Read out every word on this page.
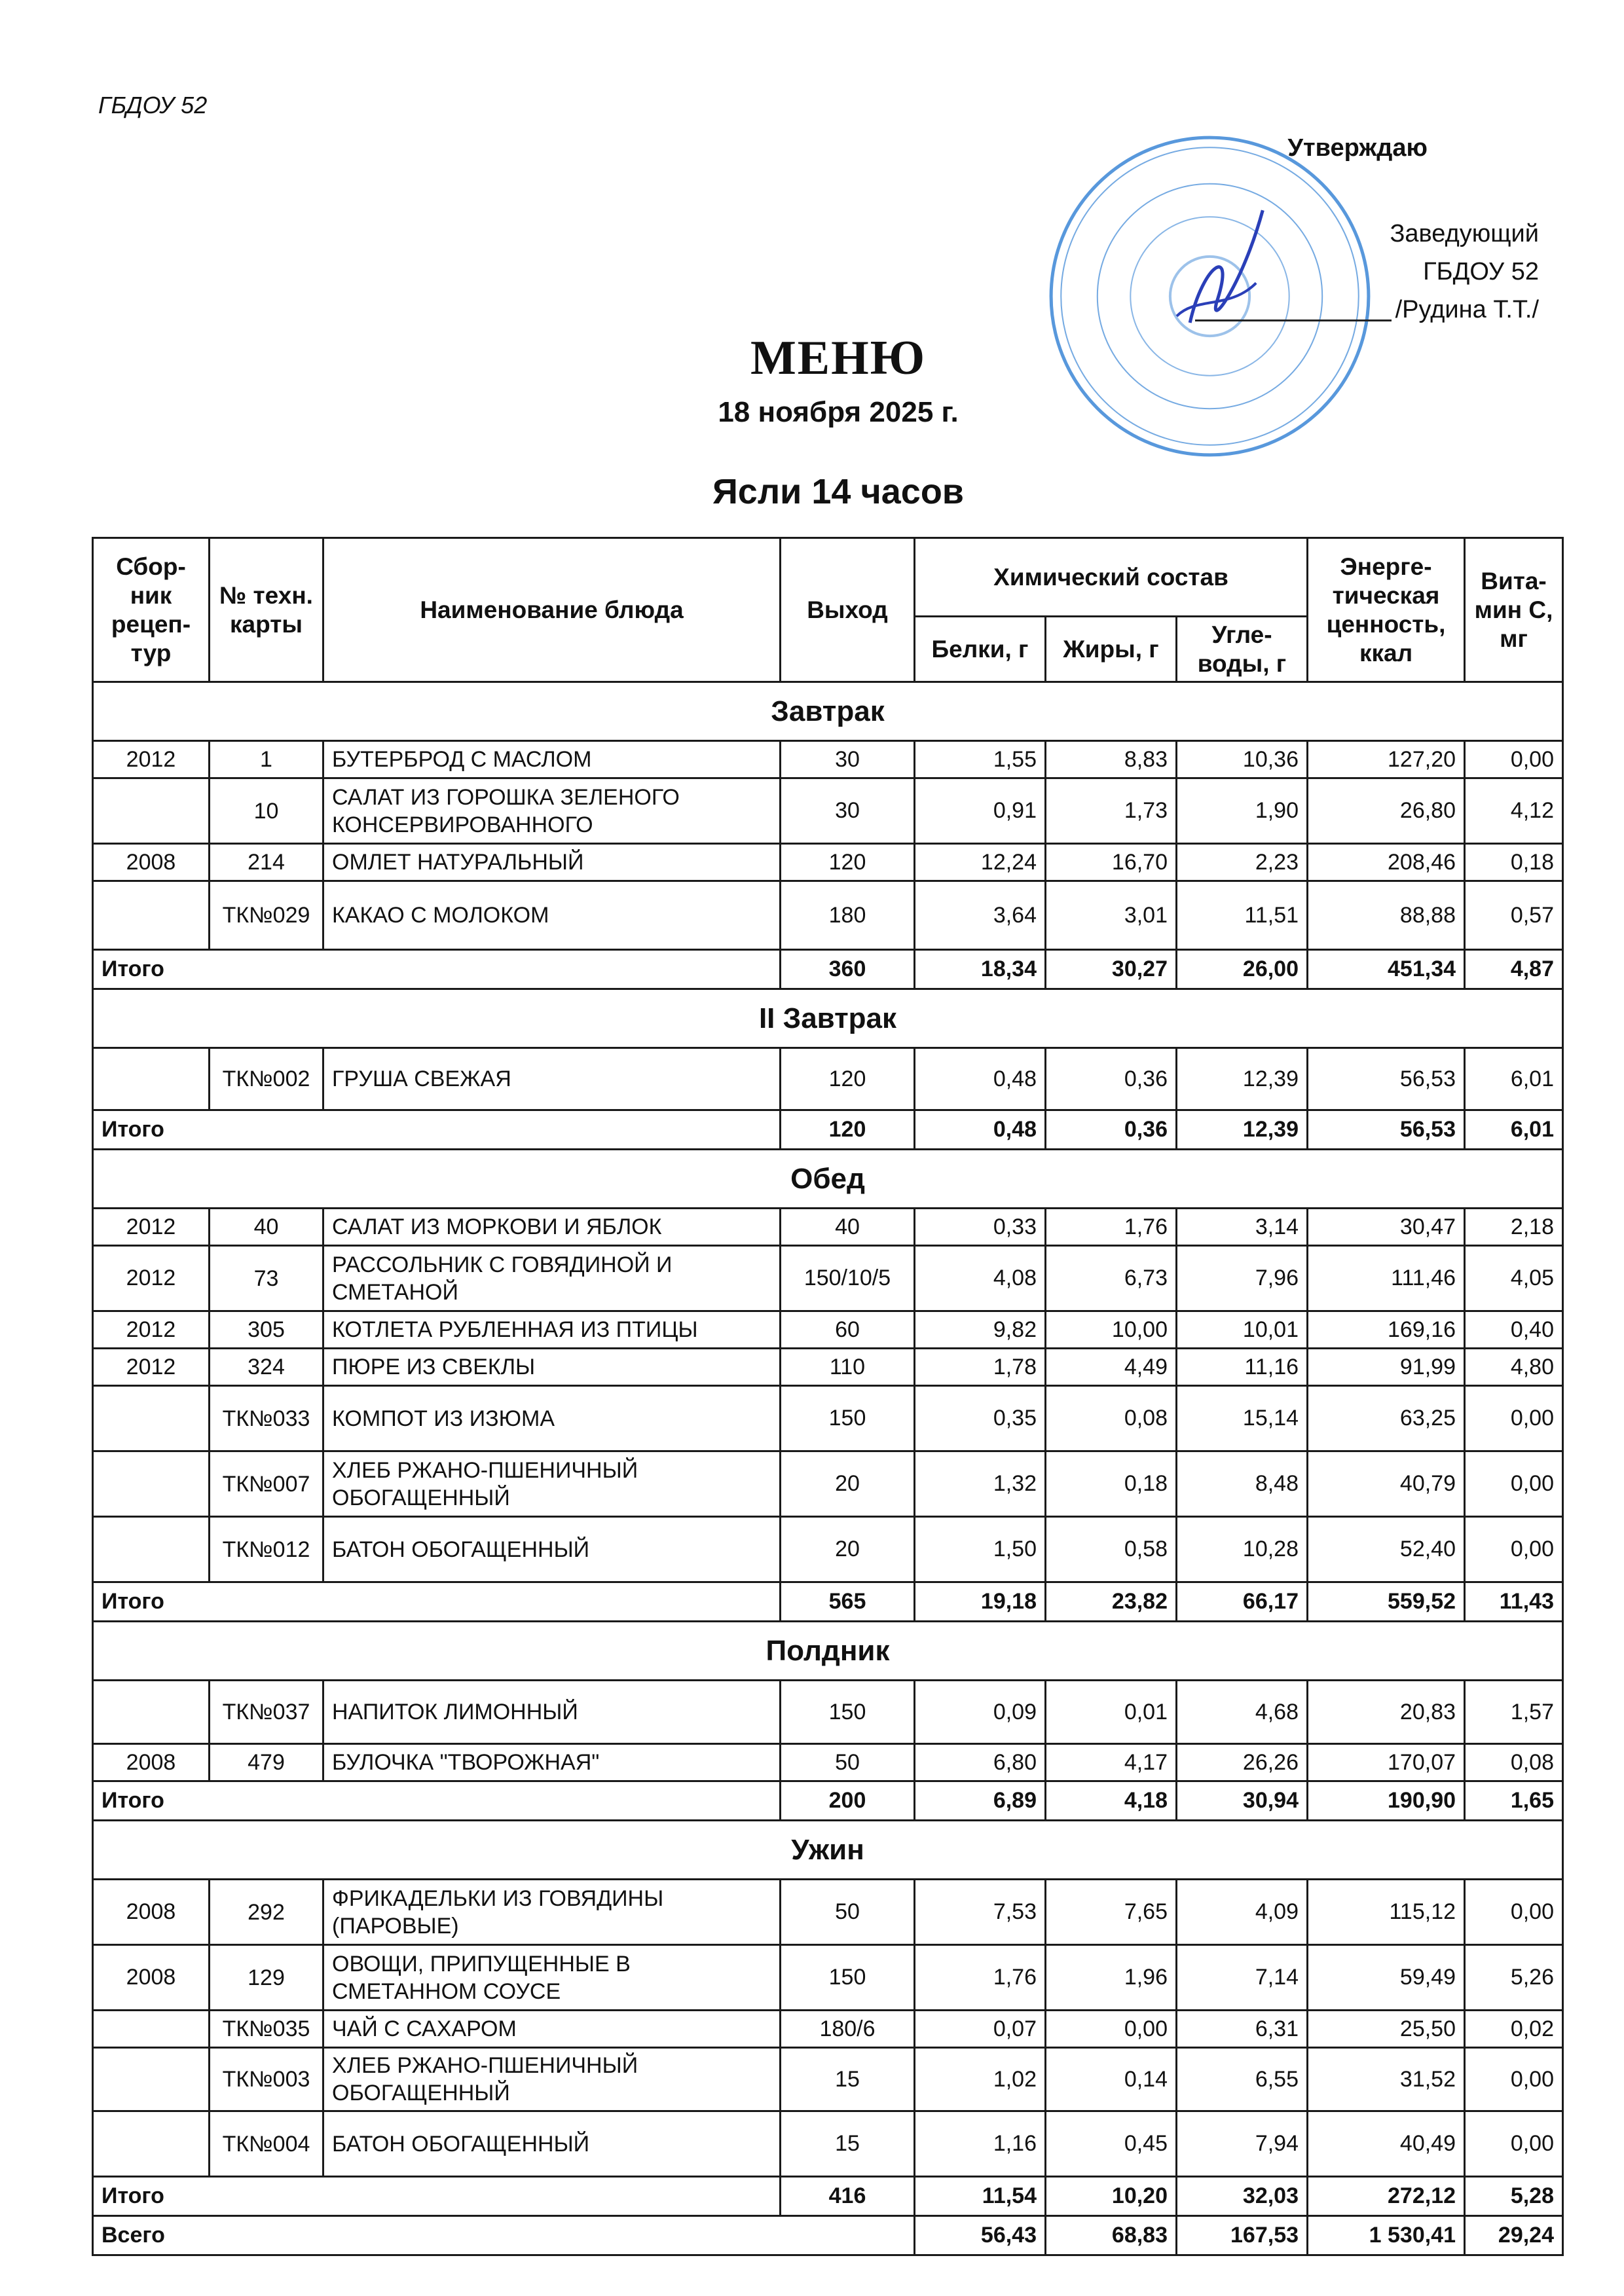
ГБДОУ 52
Утверждаю
Заведующий
ГБДОУ 52
/Рудина Т.Т./
МЕНЮ
18 ноября 2025 г.
Ясли 14 часов
Сбор-ник рецеп-тур	№ техн. карты	Наименование блюда	Выход	Химический состав			Энерге-тическая ценность, ккал	Вита-мин С, мг
				Белки, г	Жиры, г	Угле-воды, г		
Завтрак								
2012	1	БУТЕРБРОД С МАСЛОМ	30	1,55	8,83	10,36	127,20	0,00
	10	САЛАТ ИЗ ГОРОШКА ЗЕЛЕНОГО КОНСЕРВИРОВАННОГО	30	0,91	1,73	1,90	26,80	4,12
2008	214	ОМЛЕТ НАТУРАЛЬНЫЙ	120	12,24	16,70	2,23	208,46	0,18
	ТК№029	КАКАО С МОЛОКОМ	180	3,64	3,01	11,51	88,88	0,57
Итого			360	18,34	30,27	26,00	451,34	4,87
II Завтрак								
	ТК№002	ГРУША СВЕЖАЯ	120	0,48	0,36	12,39	56,53	6,01
Итого			120	0,48	0,36	12,39	56,53	6,01
Обед								
2012	40	САЛАТ ИЗ МОРКОВИ И ЯБЛОК	40	0,33	1,76	3,14	30,47	2,18
2012	73	РАССОЛЬНИК С ГОВЯДИНОЙ И СМЕТАНОЙ	150/10/5	4,08	6,73	7,96	111,46	4,05
2012	305	КОТЛЕТА РУБЛЕННАЯ ИЗ ПТИЦЫ	60	9,82	10,00	10,01	169,16	0,40
2012	324	ПЮРЕ ИЗ СВЕКЛЫ	110	1,78	4,49	11,16	91,99	4,80
	ТК№033	КОМПОТ ИЗ ИЗЮМА	150	0,35	0,08	15,14	63,25	0,00
	ТК№007	ХЛЕБ РЖАНО-ПШЕНИЧНЫЙ ОБОГАЩЕННЫЙ	20	1,32	0,18	8,48	40,79	0,00
	ТК№012	БАТОН ОБОГАЩЕННЫЙ	20	1,50	0,58	10,28	52,40	0,00
Итого			565	19,18	23,82	66,17	559,52	11,43
Полдник								
	ТК№037	НАПИТОК ЛИМОННЫЙ	150	0,09	0,01	4,68	20,83	1,57
2008	479	БУЛОЧКА "ТВОРОЖНАЯ"	50	6,80	4,17	26,26	170,07	0,08
Итого			200	6,89	4,18	30,94	190,90	1,65
Ужин								
2008	292	ФРИКАДЕЛЬКИ ИЗ ГОВЯДИНЫ (ПАРОВЫЕ)	50	7,53	7,65	4,09	115,12	0,00
2008	129	ОВОЩИ, ПРИПУЩЕННЫЕ В СМЕТАННОМ СОУСЕ	150	1,76	1,96	7,14	59,49	5,26
	ТК№035	ЧАЙ С САХАРОМ	180/6	0,07	0,00	6,31	25,50	0,02
	ТК№003	ХЛЕБ РЖАНО-ПШЕНИЧНЫЙ ОБОГАЩЕННЫЙ	15	1,02	0,14	6,55	31,52	0,00
	ТК№004	БАТОН ОБОГАЩЕННЫЙ	15	1,16	0,45	7,94	40,49	0,00
Итого			416	11,54	10,20	32,03	272,12	5,28
Всего				56,43	68,83	167,53	1 530,41	29,24
